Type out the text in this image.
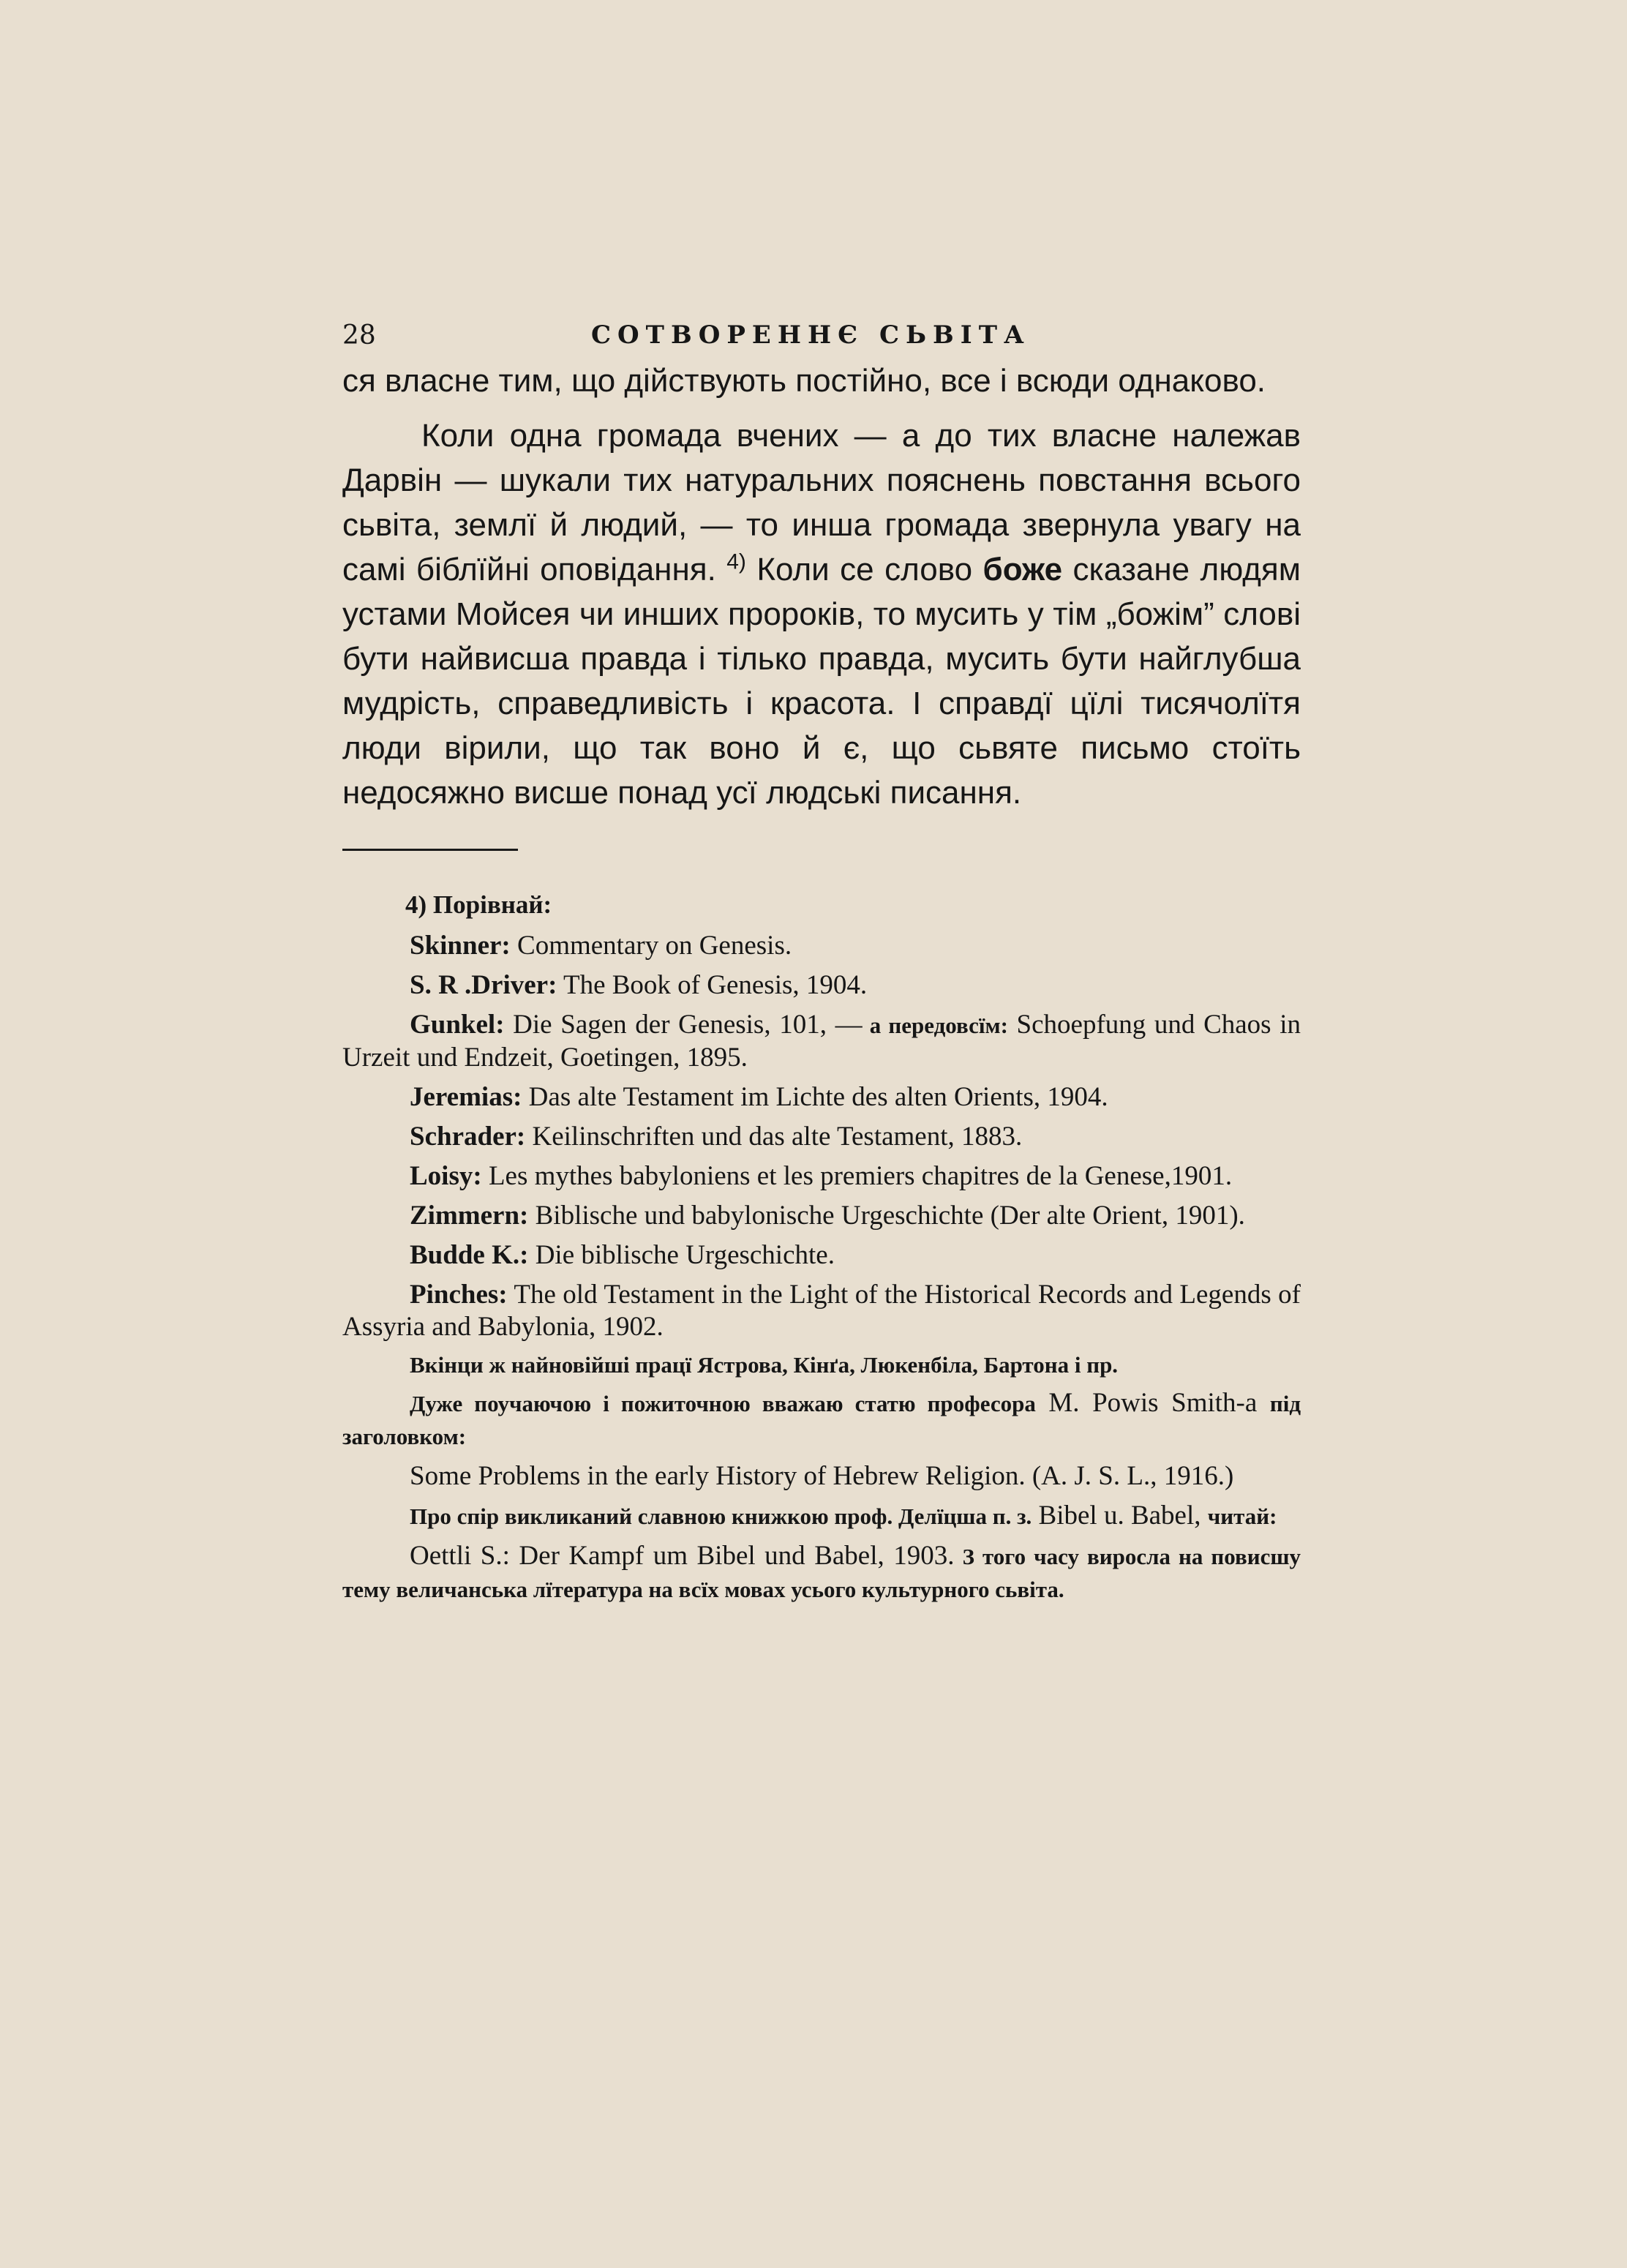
28	СОТВОРЕННЄ СЬВІТА

ся власне тим, що дійствують постійно, все і всюди однаково.

Коли одна громада вчених — а до тих власне належав Дарвін — шукали тих натуральних пояснень повстання всього сьвіта, землї й людий, — то инша громада звернула увагу на самі біблїйні оповідання. $^{4)}$ Коли се слово боже сказане людям устами Мойсея чи инших пророків, то мусить у тім „божім” слові бути найвисша правда і тілько правда, мусить бути найглубша мудрість, справедливість і красота. І справдї цїлі тисячолїтя люди вірили, що так воно й є, що сьвяте письмо стоїть недосяжно висше понад усї людські писання.

4) Порівнай:

Skinner: Commentary on Genesis.

S. R .Driver: The Book of Genesis, 1904.

Gunkel: Die Sagen der Genesis, 101, — а передовсїм: Schoepfung und Chaos in Urzeit und Endzeit, Goetingen, 1895.

Jeremias: Das alte Testament im Lichte des alten Orients, 1904.

Schrader: Keilinschriften und das alte Testament, 1883.

Loisy: Les mythes babyloniens et les premiers chapitres de la Genese,1901.

Zimmern: Biblische und babylonische Urgeschichte (Der alte Orient, 1901).

Budde K.: Die biblische Urgeschichte.

Pinches: The old Testament in the Light of the Historical Records and Legends of Assyria and Babylonia, 1902.

Вкінци ж найновійші працї Ястрова, Кінґа, Люкенбіла, Бартона і пр.

Дуже поучаючою і пожиточною вважаю статю професора M. Powis Smith-a під заголовком:

Some Problems in the early History of Hebrew Religion. (A. J. S. L., 1916.)

Про спір викликаний славною книжкою проф. Делїцша п. з. Bibel u. Babel, читай:

Oettli S.: Der Kampf um Bibel und Babel, 1903. З того часу виросла на повисшу тему величанська лїтература на всїх мовах усього культурного сьвіта.
